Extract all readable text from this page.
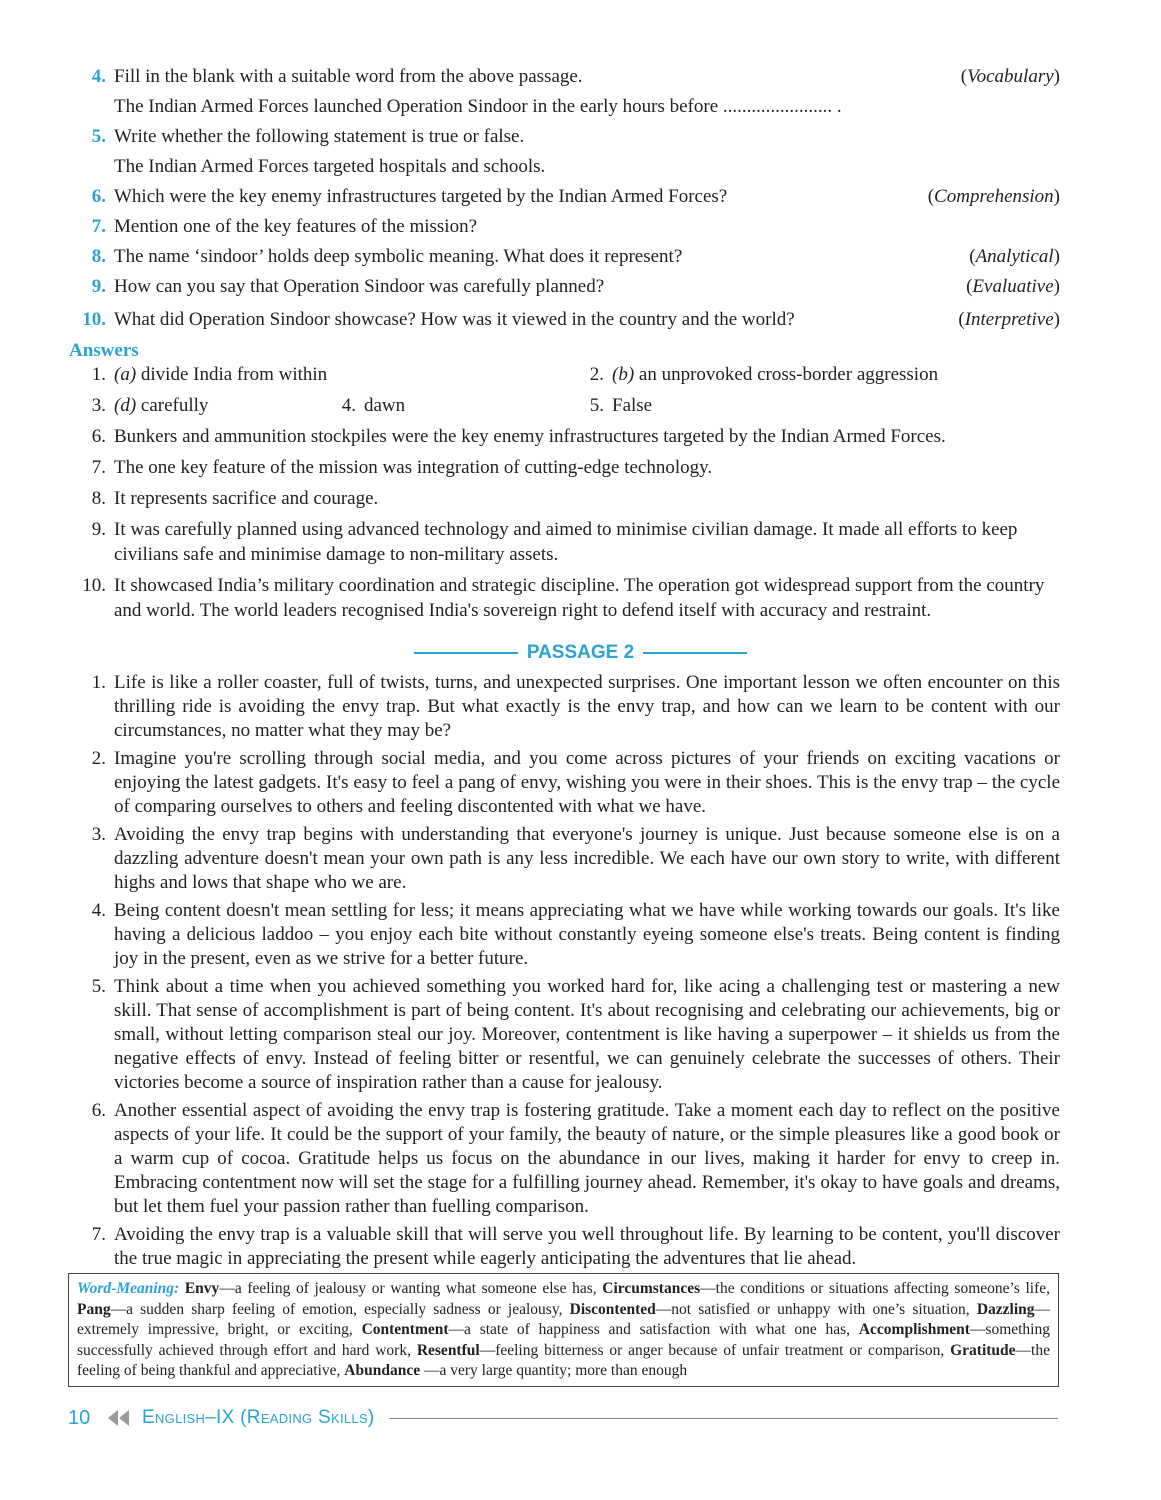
4. Fill in the blank with a suitable word from the above passage.	( Vocabulary )
The Indian Armed Forces launched Operation Sindoor in the early hours before ....................... .
5. Write whether the following statement is true or false.
The Indian Armed Forces targeted hospitals and schools.
6. Which were the key enemy infrastructures targeted by the Indian Armed Forces?	( Comprehension )
7. Mention one of the key features of the mission?
8. The name ‘sindoor’ holds deep symbolic meaning. What does it represent?	( Analytical )
9. How can you say that Operation Sindoor was carefully planned?	( Evaluative )
10. What did Operation Sindoor showcase? How was it viewed in the country and the world?	( Interpretive )
Answers
1. (a) divide India from within	2. (b) an unprovoked cross-border aggression
3. (d) carefully	4. dawn	5. False
6. Bunkers and ammunition stockpiles were the key enemy infrastructures targeted by the Indian Armed Forces.
7. The one key feature of the mission was integration of cutting-edge technology.
8. It represents sacrifice and courage.
9. It was carefully planned using advanced technology and aimed to minimise civilian damage. It made all efforts to keep civilians safe and minimise damage to non-military assets.
10. It showcased India’s military coordination and strategic discipline. The operation got widespread support from the country and world. The world leaders recognised India's sovereign right to defend itself with accuracy and restraint.
PASSAGE 2
1. Life is like a roller coaster, full of twists, turns, and unexpected surprises. One important lesson we often encounter on this thrilling ride is avoiding the envy trap. But what exactly is the envy trap, and how can we learn to be content with our circumstances, no matter what they may be?
2. Imagine you're scrolling through social media, and you come across pictures of your friends on exciting vacations or enjoying the latest gadgets. It's easy to feel a pang of envy, wishing you were in their shoes. This is the envy trap – the cycle of comparing ourselves to others and feeling discontented with what we have.
3. Avoiding the envy trap begins with understanding that everyone's journey is unique. Just because someone else is on a dazzling adventure doesn't mean your own path is any less incredible. We each have our own story to write, with different highs and lows that shape who we are.
4. Being content doesn't mean settling for less; it means appreciating what we have while working towards our goals. It's like having a delicious laddoo – you enjoy each bite without constantly eyeing someone else's treats. Being content is finding joy in the present, even as we strive for a better future.
5. Think about a time when you achieved something you worked hard for, like acing a challenging test or mastering a new skill. That sense of accomplishment is part of being content. It's about recognising and celebrating our achievements, big or small, without letting comparison steal our joy. Moreover, contentment is like having a superpower – it shields us from the negative effects of envy. Instead of feeling bitter or resentful, we can genuinely celebrate the successes of others. Their victories become a source of inspiration rather than a cause for jealousy.
6. Another essential aspect of avoiding the envy trap is fostering gratitude. Take a moment each day to reflect on the positive aspects of your life. It could be the support of your family, the beauty of nature, or the simple pleasures like a good book or a warm cup of cocoa. Gratitude helps us focus on the abundance in our lives, making it harder for envy to creep in. Embracing contentment now will set the stage for a fulfilling journey ahead. Remember, it's okay to have goals and dreams, but let them fuel your passion rather than fuelling comparison.
7. Avoiding the envy trap is a valuable skill that will serve you well throughout life. By learning to be content, you'll discover the true magic in appreciating the present while eagerly anticipating the adventures that lie ahead.
Word-Meaning: Envy—a feeling of jealousy or wanting what someone else has, Circumstances—the conditions or situations affecting someone’s life, Pang—a sudden sharp feeling of emotion, especially sadness or jealousy, Discontented—not satisfied or unhappy with one’s situation, Dazzling—extremely impressive, bright, or exciting, Contentment—a state of happiness and satisfaction with what one has, Accomplishment—something successfully achieved through effort and hard work, Resentful—feeling bitterness or anger because of unfair treatment or comparison, Gratitude—the feeling of being thankful and appreciative, Abundance —a very large quantity; more than enough
10	English–IX (Reading Skills)
